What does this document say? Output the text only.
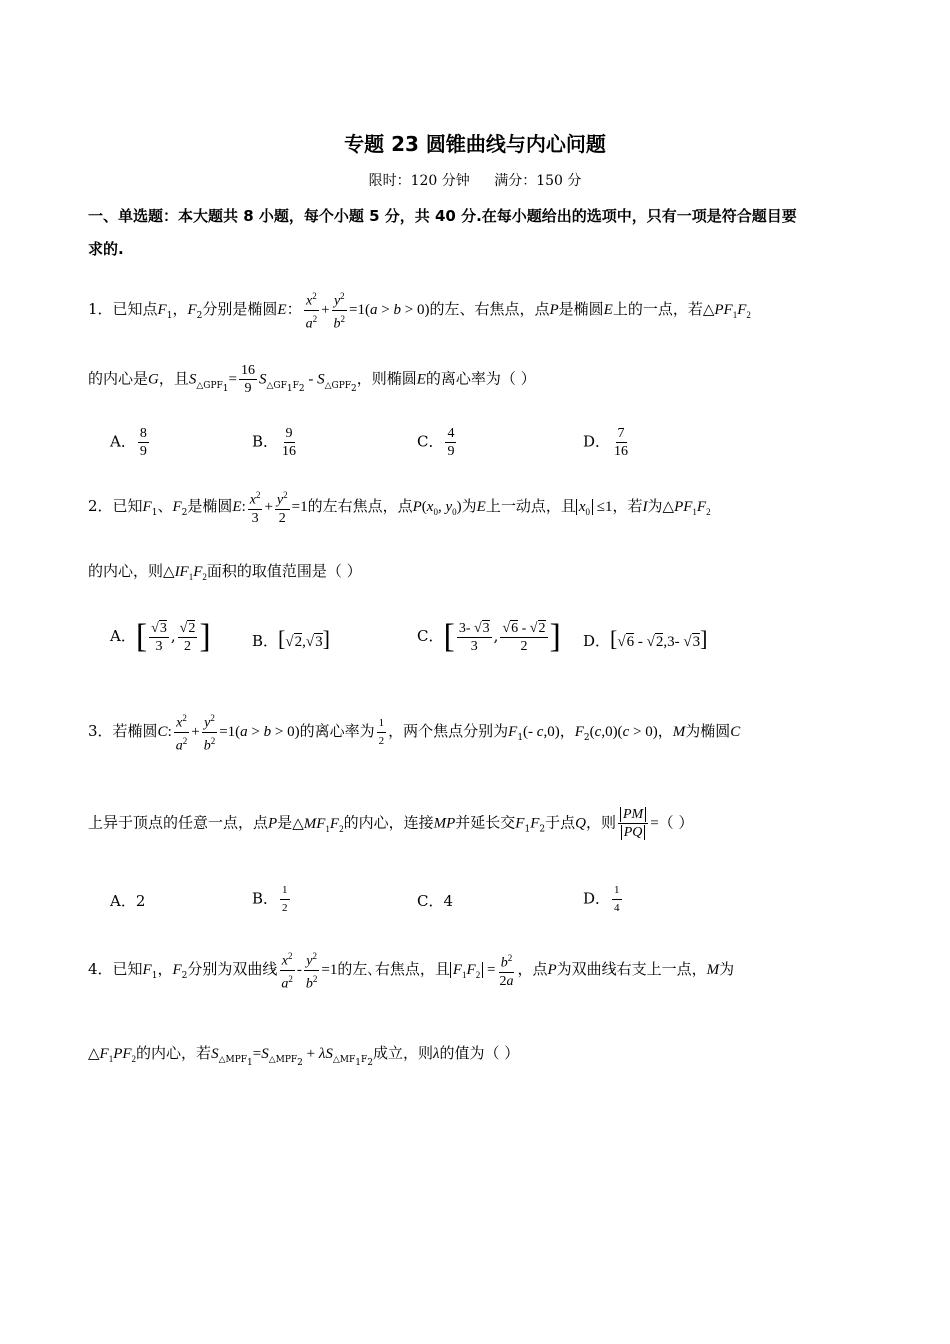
专题 23 圆锥曲线与内心问题
限时：120 分钟 满分：150 分
一、单选题：本大题共 8 小题，每个小题 5 分，共 40 分.在每小题给出的选项中，只有一项是符合题目要
求的.
1．已知点$F_1$，$F_2$分别是椭圆E： $\frac{x^2}{a^2} + \frac{y^2}{b^2} =1(a > b > 0)$的左、右焦点，点P是椭圆E上的一点，若$\triangle PF_1F_2$
的内心是G，且$S_{\triangle GPF_1}= \frac{16}{9} S_{\triangle GF_1F_2} - S_{\triangle GPF_2}$，则椭圆E的离心率为（ ）
A． $\frac{8}{9}$	B． $\frac{9}{16}$	C． $\frac{4}{9}$	D． $\frac{7}{16}$
2．已知$F_1$、$F_2$是椭圆E: $\frac{x^2}{3} + \frac{y^2}{2} =1$的左右焦点，点$P(x_0$, $y_0$)为E上一动点，且 $x_0 \le 1$，若I为$\triangle PF_1F_2$
的内心，则$\triangle IF_1F_2$面积的取值范围是（ ）
A．[ $\frac{√3}{3}$ , $\frac{√2}{2}$ ]	B．[√2,√3]	C．[ $\frac{3- √3}{3}$ , $\frac{√6 - √2}{2}$ ] D．[√6 - √2,3- √3]
3．若椭圆C: $\frac{x^2}{a^2} + \frac{y^2}{b^2} =1(a > b > 0)$的离心率为 $\frac{1}{2}$ ，两个焦点分别为$F_1(-$ c,0)，$F_2(c,0)(c > 0)$，M为椭圆C
上异于顶点的任意一点，点P是$\triangle MF_1F_2$的内心，连接MP并延长交$F_1F_2$于点Q，则 $\frac{PM}{PQ}$ =（ ）
A．2	B． $\frac{1}{2}$	C．4	D． $\frac{1}{4}$
4．已知$F_1$，$F_2$分别为双曲线 $\frac{x^2}{a^2} - \frac{y^2}{b^2} =1$的左､右焦点，且 $F_1F_2 = \frac{b^2}{2a}$ ，点P为双曲线右支上一点，M为
$\triangle F_1PF_2$的内心，若$S_{\triangle MPF_1}=S_{\triangle MPF_2} + \lambda S_{\triangle MF_1F_2}$成立，则λ的值为（ ）
